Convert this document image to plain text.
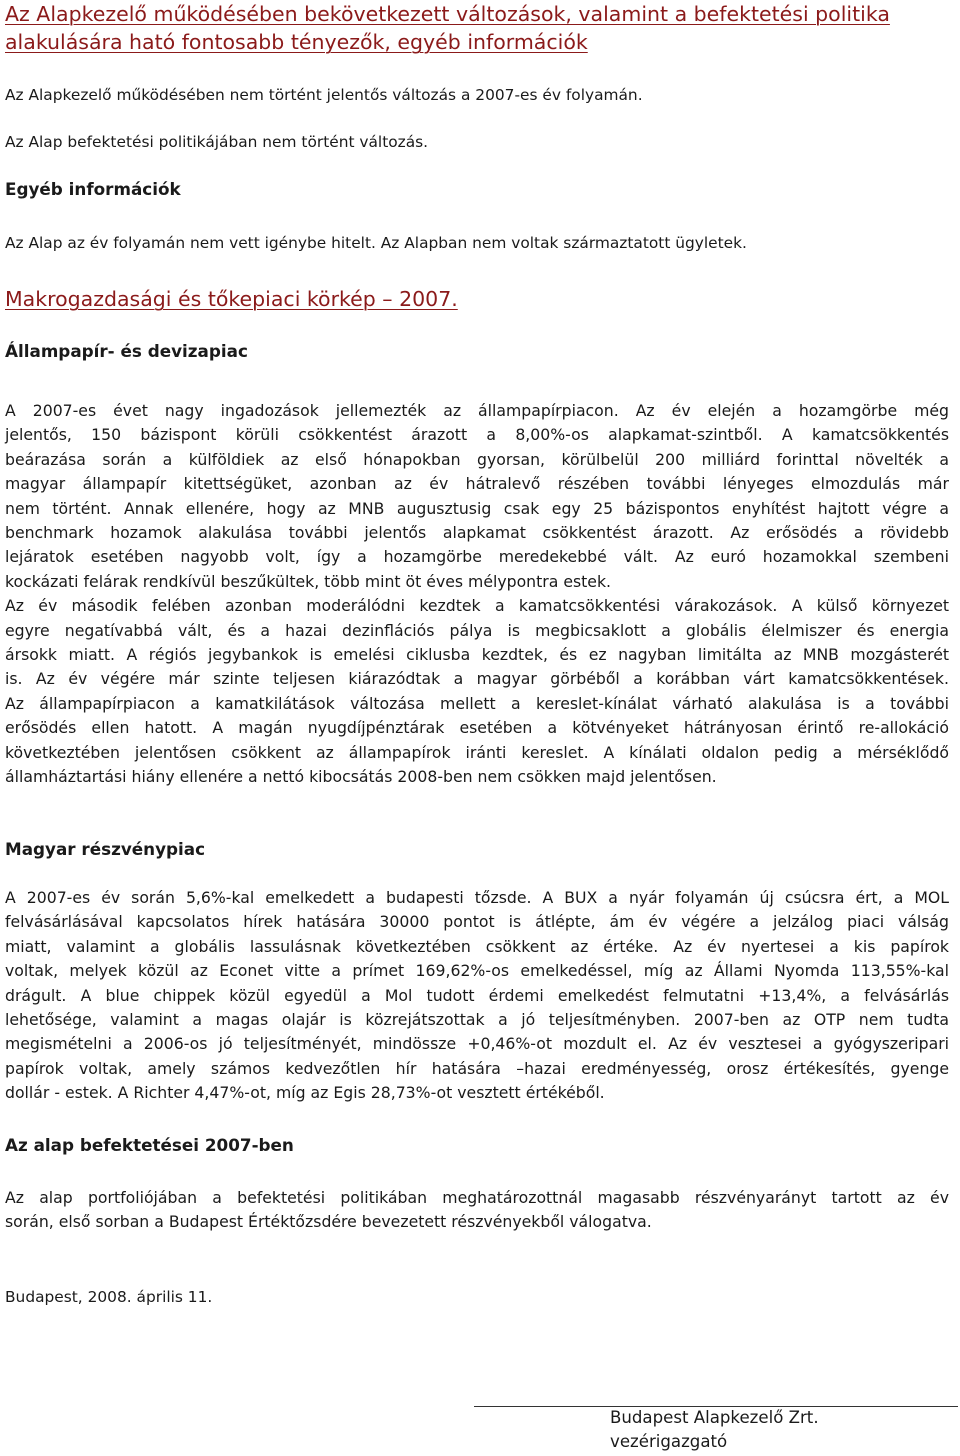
Az Alapkezelő működésében bekövetkezett változások, valamint a befektetési politika
alakulására ható fontosabb tényezők, egyéb információk

Az Alapkezelő működésében nem történt jelentős változás a 2007-es év folyamán.

Az Alap befektetési politikájában nem történt változás.

Egyéb információk

Az Alap az év folyamán nem vett igénybe hitelt. Az Alapban nem voltak származtatott ügyletek.

Makrogazdasági és tőkepiaci körkép – 2007.

Állampapír- és devizapiac

A 2007-es évet nagy ingadozások jellemezték az állampapírpiacon. Az év elején a hozamgörbe még
jelentős, 150 bázispont körüli csökkentést árazott a 8,00%-os alapkamat-szintből. A kamatcsökkentés
beárazása során a külföldiek az első hónapokban gyorsan, körülbelül 200 milliárd forinttal növelték a
magyar állampapír kitettségüket, azonban az év hátralevő részében további lényeges elmozdulás már
nem történt. Annak ellenére, hogy az MNB augusztusig csak egy 25 bázispontos enyhítést hajtott végre a
benchmark hozamok alakulása további jelentős alapkamat csökkentést árazott. Az erősödés a rövidebb
lejáratok esetében nagyobb volt, így a hozamgörbe meredekebbé vált. Az euró hozamokkal szembeni
kockázati felárak rendkívül beszűkültek, több mint öt éves mélypontra estek.
Az év második felében azonban moderálódni kezdtek a kamatcsökkentési várakozások. A külső környezet
egyre negatívabbá vált, és a hazai dezinflációs pálya is megbicsaklott a globális élelmiszer és energia
ársokk miatt. A régiós jegybankok is emelési ciklusba kezdtek, és ez nagyban limitálta az MNB mozgásterét
is. Az év végére már szinte teljesen kiárazódtak a magyar görbéből a korábban várt kamatcsökkentések.
Az állampapírpiacon a kamatkilátások változása mellett a kereslet-kínálat várható alakulása is a további
erősödés ellen hatott. A magán nyugdíjpénztárak esetében a kötvényeket hátrányosan érintő re-allokáció
következtében jelentősen csökkent az állampapírok iránti kereslet. A kínálati oldalon pedig a mérséklődő
államháztartási hiány ellenére a nettó kibocsátás 2008-ben nem csökken majd jelentősen.

Magyar részvénypiac

A 2007-es év során 5,6%-kal emelkedett a budapesti tőzsde. A BUX a nyár folyamán új csúcsra ért, a MOL
felvásárlásával kapcsolatos hírek hatására 30000 pontot is átlépte, ám év végére a jelzálog piaci válság
miatt, valamint a globális lassulásnak következtében csökkent az értéke. Az év nyertesei a kis papírok
voltak, melyek közül az Econet vitte a prímet 169,62%-os emelkedéssel, míg az Állami Nyomda 113,55%-kal
drágult. A blue chippek közül egyedül a Mol tudott érdemi emelkedést felmutatni +13,4%, a felvásárlás
lehetősége, valamint a magas olajár is közrejátszottak a jó teljesítményben. 2007-ben az OTP nem tudta
megismételni a 2006-os jó teljesítményét, mindössze +0,46%-ot mozdult el. Az év vesztesei a gyógyszeripari
papírok voltak, amely számos kedvezőtlen hír hatására –hazai eredményesség, orosz értékesítés, gyenge
dollár - estek. A Richter 4,47%-ot, míg az Egis 28,73%-ot vesztett értékéből.

Az alap befektetései 2007-ben

Az alap portfoliójában a befektetési politikában meghatározottnál magasabb részvényarányt tartott az év
során, első sorban a Budapest Értéktőzsdére bevezetett részvényekből válogatva.

Budapest, 2008. április 11.

Budapest Alapkezelő Zrt.

vezérigazgató
